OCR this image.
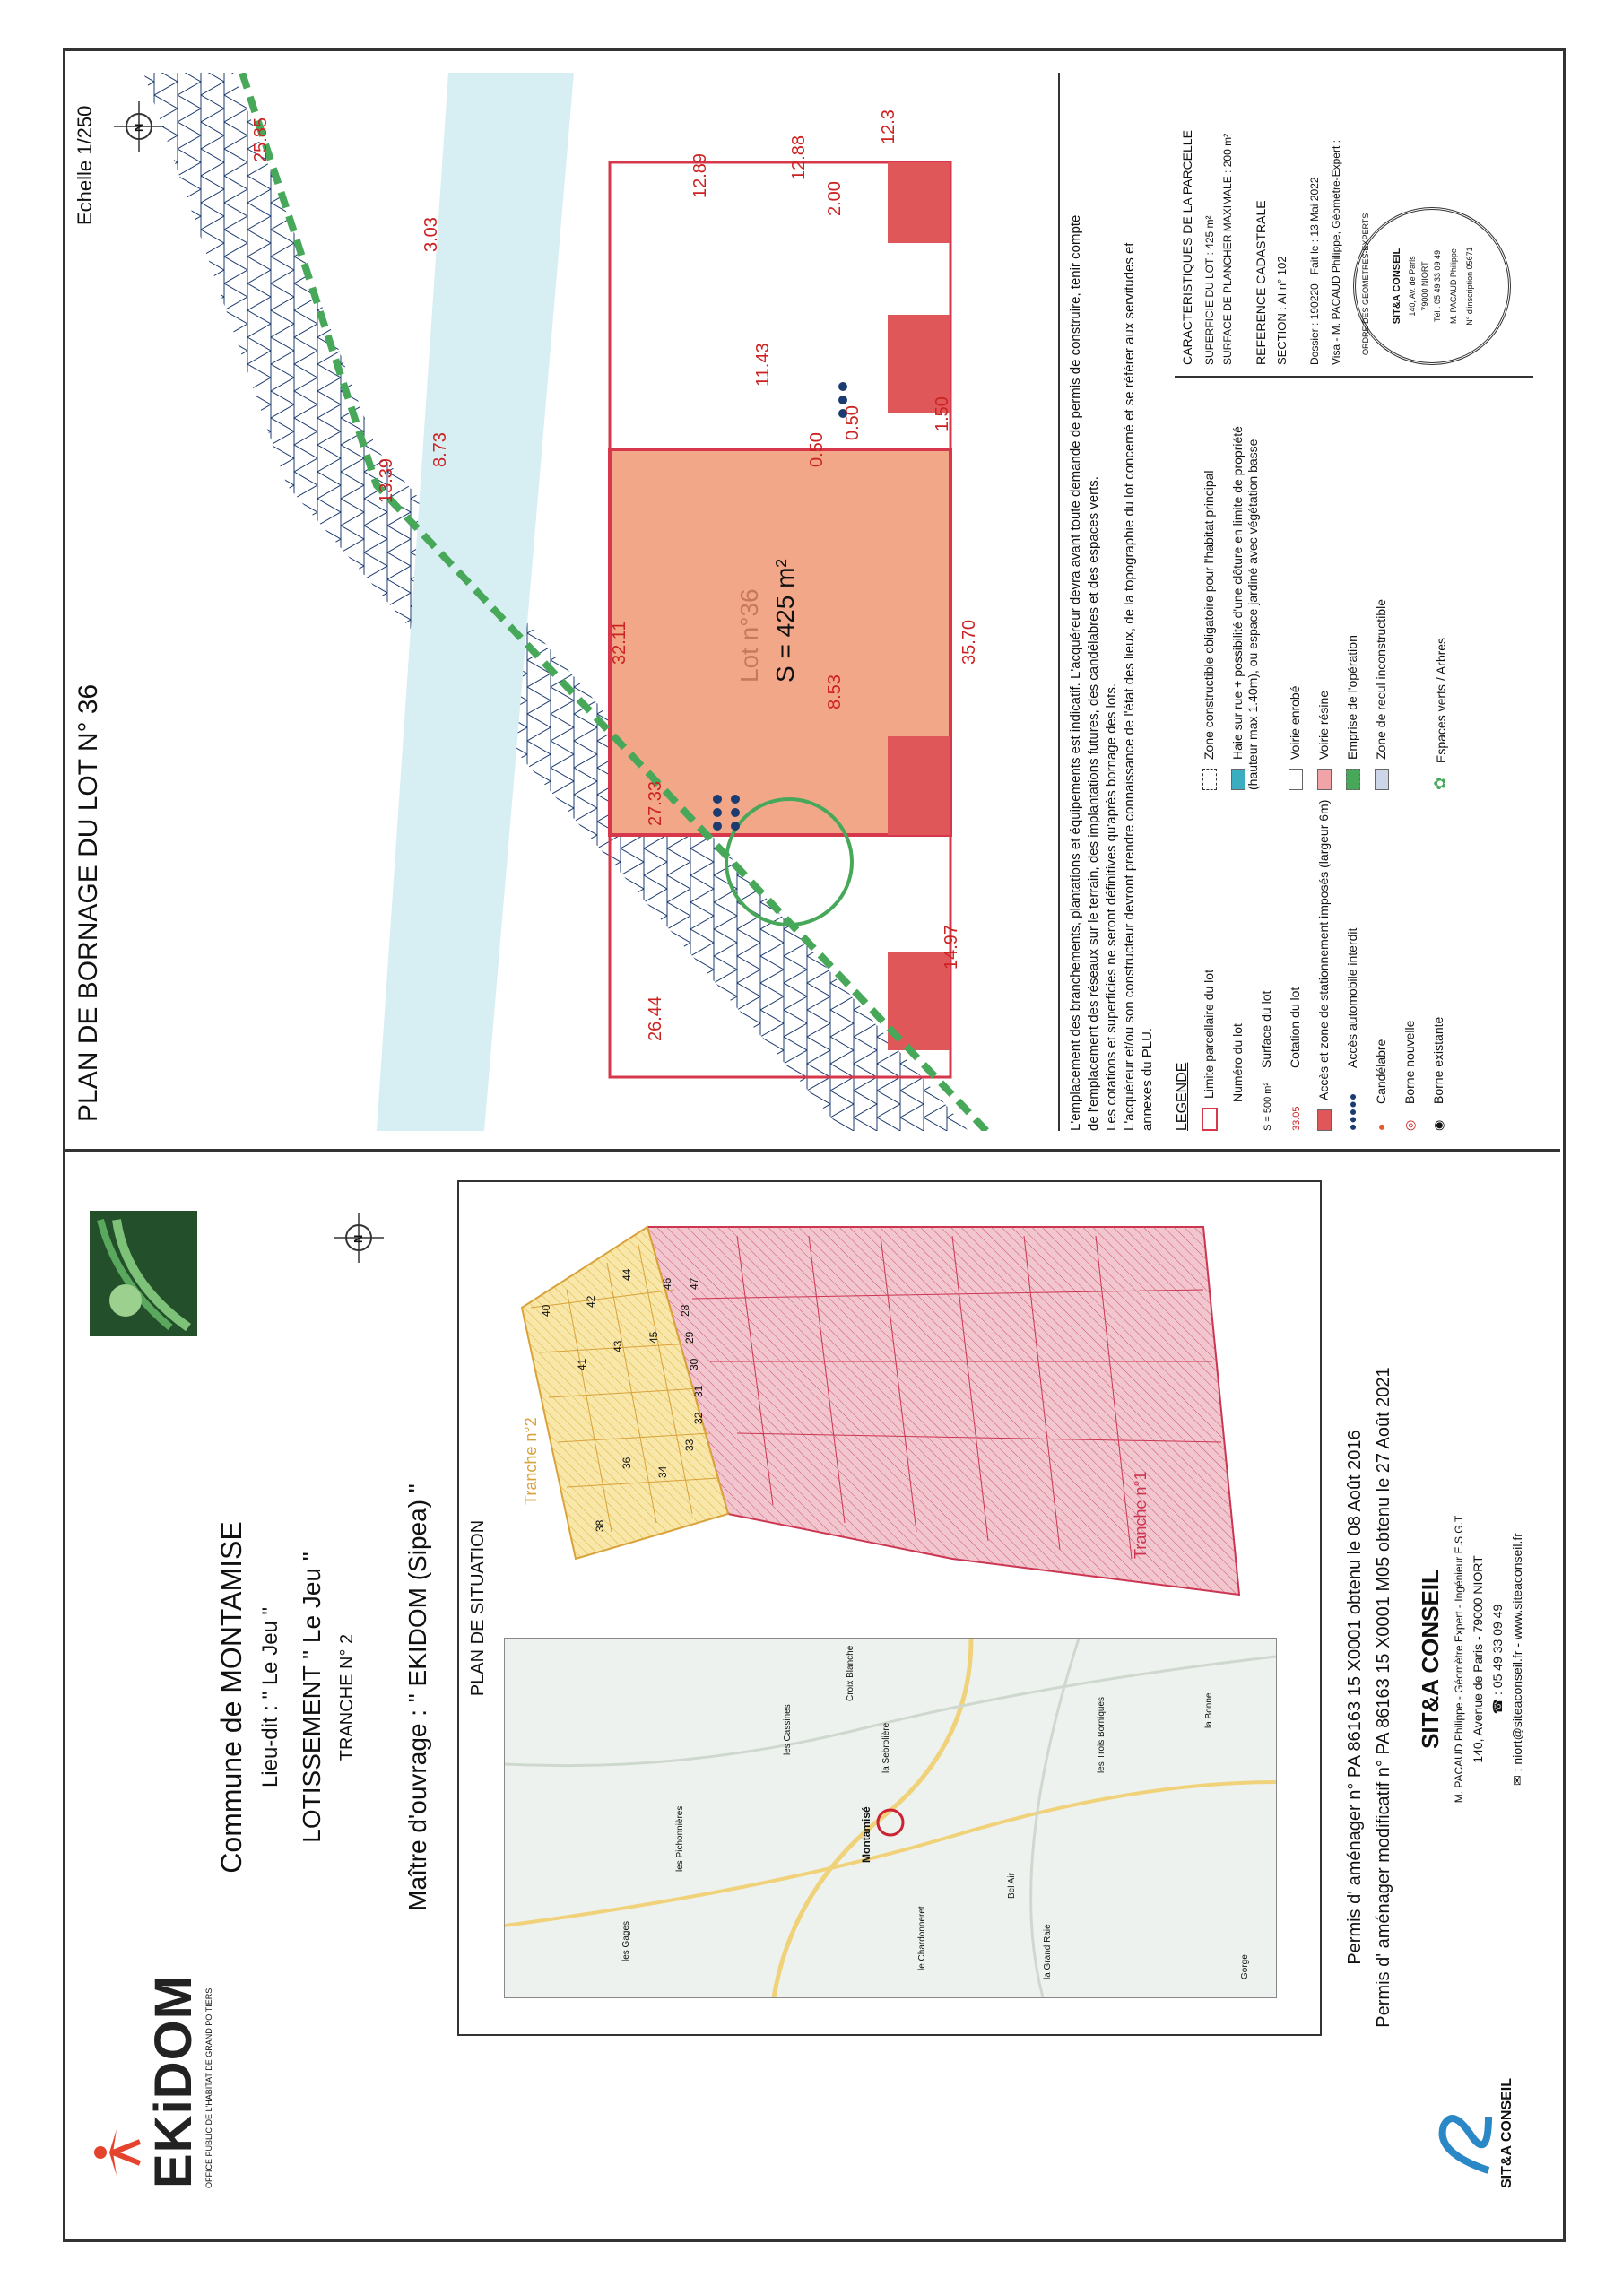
EKiDOM OFFICE PUBLIC DE L'HABITAT DE GRAND POITIERS
Commune de MONTAMISE Lieu-dit : " Le Jeu " LOTISSEMENT " Le Jeu " TRANCHE N° 2 Maître d'ouvrage : " EKIDOM (Sipea) "
N
PLAN DE SITUATION
Montamisé
les Gages
la Bonne
Bel Air
la Grand Raie
le Chardonneret
la Sebrolière
les Cassines
Croix Blanche
les Trois Borniques
Gorge
les Pichonnières
38
40
41
42
43
44
45
46 47
36
34
33
32
31
30
29
28
Tranche n°2
Tranche n°1	Permis d' aménager n° PA 86163 15 X0001 obtenu le 08 Août 2016 Permis d' aménager modificatif n° PA 86163 15 X0001 M05 obtenu le 27 Août 2021
SIT&A CONSEIL
SIT&A CONSEIL M. PACAUD Philippe - Géomètre Expert - Ingénieur E.S.G.T 140, Avenue de Paris - 79000 NIORT ☎ : 05 49 33 09 49 ✉ : niort@siteaconseil.fr - www.siteaconseil.fr
PLAN DE BORNAGE DU LOT N° 36
Echelle 1/250	N
Lot n°36 S = 425 m²
32.11	35.70
27.33
26.44
13.39
8.73
3.03
25.85
12.89
11.43
12.88
2.00
1.50
0.50
0.50
8.53
14.97
12.3
L'emplacement des branchements, plantations et équipements est indicatif. L'acquéreur devra avant toute demande de permis de construire, tenir compte de l'emplacement des réseaux sur le terrain, des implantations futures, des candélabres et des espaces verts. Les cotations et superficies ne seront définitives qu'après bornage des lots. L'acquéreur et/ou son constructeur devront prendre connaissance de l'état des lieux, de la topographie du lot concerné et se référer aux servitudes et annexes du PLU. LEGENDE Limite parcellaire du lot Numéro du lot
S = 500 m²Surface du lot
33.05Cotation du lot Accès et zone de stationnement imposés (largeur 6m)
●●●●●Accès automobile interdit
●Candélabre
◎Borne nouvelle
◉Borne existante
Zone constructible obligatoire pour l'habitat principal Haie sur rue + possibilité d'une clôture en limite de propriété (hauteur max 1.40m), ou espace jardiné avec végétation basse Voirie enrobé Voirie résine Emprise de l'opération Zone de recul inconstructible
✿Espaces verts / Arbres
CARACTERISTIQUES DE LA PARCELLE SUPERFICIE DU LOT : 425 m² SURFACE DE PLANCHER MAXIMALE : 200 m²
REFERENCE CADASTRALE SECTION : AI n° 102
Dossier : 190220   Fait le : 13 Mai 2022 Visa - M. PACAUD Philippe, Géomètre-Expert : ORDRE DES GEOMETRES-EXPERTS SIT&A CONSEIL 140, Av. de Paris 79000 NIORT Tél : 05 49 33 09 49 M. PACAUD Philippe N° d'inscription 05671
